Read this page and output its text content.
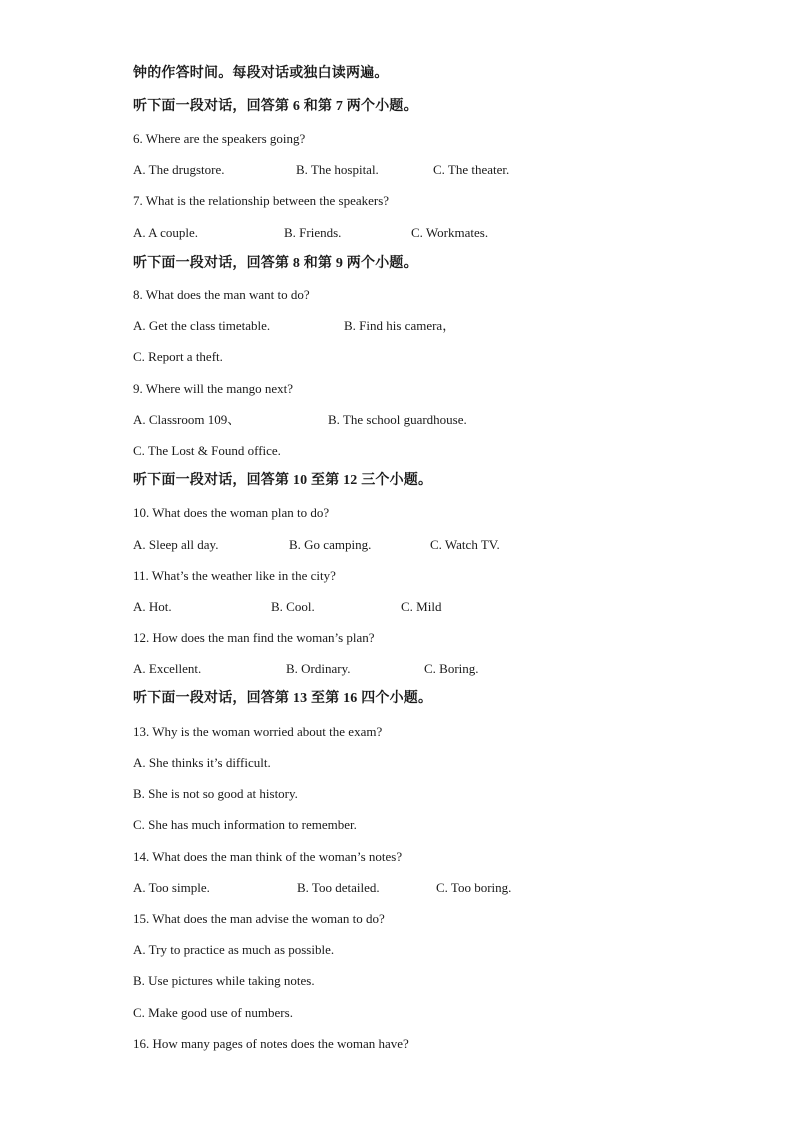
钟的作答时间。每段对话或独白读两遍。
听下面一段对话，回答第 6 和第 7 两个小题。
6. Where are the speakers going?
A. The drugstore.	B. The hospital.	C. The theater.
7. What is the relationship between the speakers?
A. A couple.	B. Friends.	C. Workmates.
听下面一段对话，回答第 8 和第 9 两个小题。
8. What does the man want to do?
A. Get the class timetable.	B. Find his camera，
C. Report a theft.
9. Where will the mango next?
A. Classroom 109、	B. The school guardhouse.
C. The Lost & Found office.
听下面一段对话，回答第 10 至第 12 三个小题。
10. What does the woman plan to do?
A. Sleep all day.	B. Go camping.	C. Watch TV.
11. What’s the weather like in the city?
A. Hot.	B. Cool.	C. Mild
12. How does the man find the woman’s plan?
A. Excellent.	B. Ordinary.	C. Boring.
听下面一段对话，回答第 13 至第 16 四个小题。
13. Why is the woman worried about the exam?
A. She thinks it’s difficult.
B. She is not so good at history.
C. She has much information to remember.
14. What does the man think of the woman’s notes?
A. Too simple.	B. Too detailed.	C. Too boring.
15. What does the man advise the woman to do?
A. Try to practice as much as possible.
B. Use pictures while taking notes.
C. Make good use of numbers.
16. How many pages of notes does the woman have?
